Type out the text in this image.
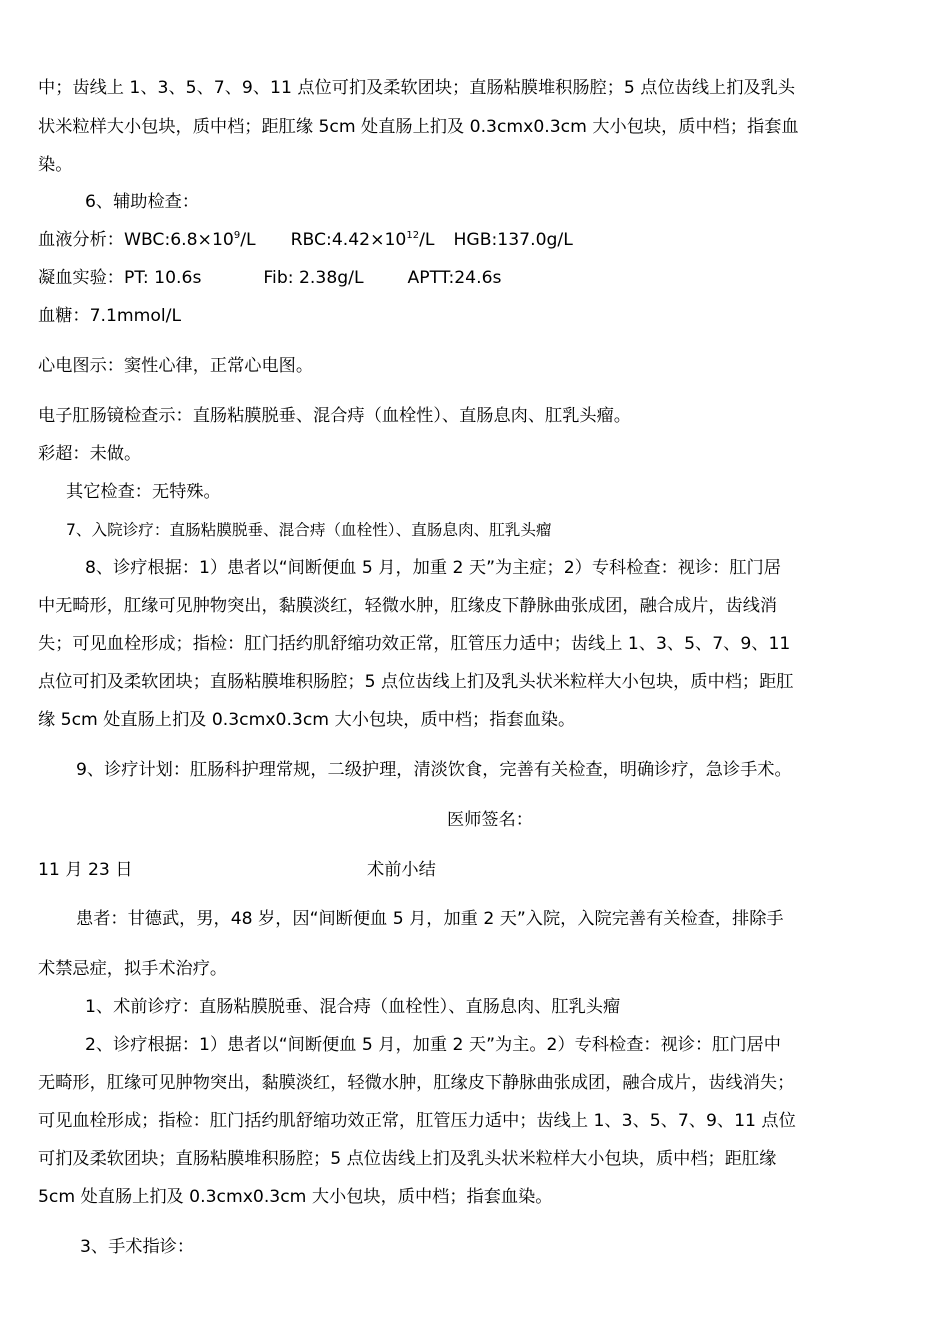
中；齿线上 1、3、5、7、9、11 点位可扪及柔软团块；直肠粘膜堆积肠腔；5 点位齿线上扪及乳头
状米粒样大小包块，质中档；距肛缘 5cm 处直肠上扪及 0.3cmx0.3cm 大小包块，质中档；指套血
染。
6、辅助检查：
血液分析：$WBC:6.8\times 10^9/L$ $RBC:4.42\times 10^{12}/L$ HGB:137.0g/L
凝血实验：PT: 10.6s	Fib: 2.38g/L	APTT:24.6s
血糖：7.1mmol/L
心电图示：窦性心律，正常心电图。
电子肛肠镜检查示：直肠粘膜脱垂、混合痔（血栓性）、直肠息肉、肛乳头瘤。
彩超：未做。
其它检查：无特殊。
7、入院诊疗：直肠粘膜脱垂、混合痔（血栓性）、直肠息肉、肛乳头瘤
8、诊疗根据：1）患者以“间断便血 5 月，加重 2 天”为主症；2）专科检查：视诊：肛门居
中无畸形，肛缘可见肿物突出，黏膜淡红，轻微水肿，肛缘皮下静脉曲张成团，融合成片，齿线消
失；可见血栓形成；指检：肛门括约肌舒缩功效正常，肛管压力适中；齿线上 1、3、5、7、9、11
点位可扪及柔软团块；直肠粘膜堆积肠腔；5 点位齿线上扪及乳头状米粒样大小包块，质中档；距肛
缘 5cm 处直肠上扪及 0.3cmx0.3cm 大小包块，质中档；指套血染。
9、诊疗计划：肛肠科护理常规，二级护理，清淡饮食，完善有关检查，明确诊疗，急诊手术。
医师签名：
11 月 23 日	术前小结
患者：甘德武，男，48 岁，因“间断便血 5 月，加重 2 天”入院，入院完善有关检查，排除手
术禁忌症，拟手术治疗。
1、术前诊疗：直肠粘膜脱垂、混合痔（血栓性）、直肠息肉、肛乳头瘤
2、诊疗根据：1）患者以“间断便血 5 月，加重 2 天”为主。2）专科检查：视诊：肛门居中
无畸形，肛缘可见肿物突出，黏膜淡红，轻微水肿，肛缘皮下静脉曲张成团，融合成片，齿线消失；
可见血栓形成；指检：肛门括约肌舒缩功效正常，肛管压力适中；齿线上 1、3、5、7、9、11 点位
可扪及柔软团块；直肠粘膜堆积肠腔；5 点位齿线上扪及乳头状米粒样大小包块，质中档；距肛缘
5cm 处直肠上扪及 0.3cmx0.3cm 大小包块，质中档；指套血染。
3、手术指诊：
